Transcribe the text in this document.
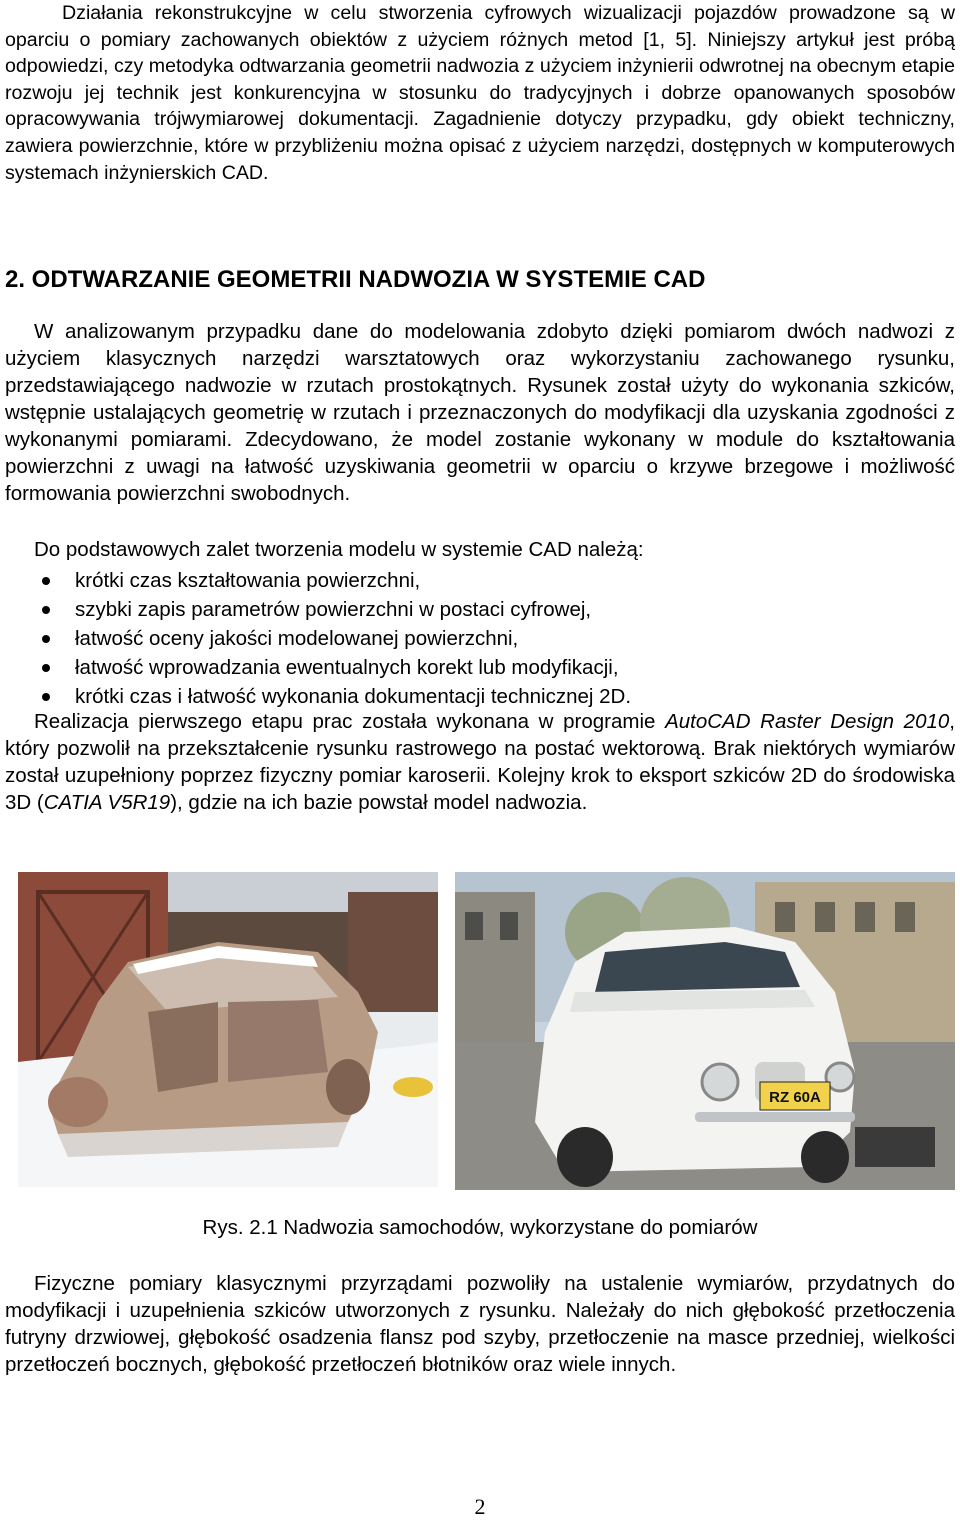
Działania rekonstrukcyjne w celu stworzenia cyfrowych wizualizacji pojazdów prowadzone są w oparciu o pomiary zachowanych obiektów z użyciem różnych metod [1, 5]. Niniejszy artykuł jest próbą odpowiedzi, czy metodyka odtwarzania geometrii nadwozia z użyciem inżynierii odwrotnej na obecnym etapie rozwoju jej technik jest konkurencyjna w stosunku do tradycyjnych i dobrze opanowanych sposobów opracowywania trójwymiarowej dokumentacji. Zagadnienie dotyczy przypadku, gdy obiekt techniczny, zawiera powierzchnie, które w przybliżeniu można opisać z użyciem narzędzi, dostępnych w komputerowych systemach inżynierskich CAD.

2. ODTWARZANIE GEOMETRII NADWOZIA W SYSTEMIE CAD

W analizowanym przypadku dane do modelowania zdobyto dzięki pomiarom dwóch nadwozi z użyciem klasycznych narzędzi warsztatowych oraz wykorzystaniu zachowanego rysunku, przedstawiającego nadwozie w rzutach prostokątnych. Rysunek został użyty do wykonania szkiców, wstępnie ustalających geometrię w rzutach i przeznaczonych do modyfikacji dla uzyskania zgodności z wykonanymi pomiarami. Zdecydowano, że model zostanie wykonany w module do kształtowania powierzchni z uwagi na łatwość uzyskiwania geometrii w oparciu o krzywe brzegowe i możliwość formowania powierzchni swobodnych.

Do podstawowych zalet tworzenia modelu w systemie CAD należą:

krótki czas kształtowania powierzchni,
szybki zapis parametrów powierzchni w postaci cyfrowej,
łatwość oceny jakości modelowanej powierzchni,
łatwość wprowadzania ewentualnych korekt lub modyfikacji,
krótki czas i łatwość wykonania dokumentacji technicznej 2D.

Realizacja pierwszego etapu prac została wykonana w programie AutoCAD Raster Design 2010, który pozwolił na przekształcenie rysunku rastrowego na postać wektorową. Brak niektórych wymiarów został uzupełniony poprzez fizyczny pomiar karoserii. Kolejny krok to eksport szkiców 2D do środowiska 3D (CATIA V5R19), gdzie na ich bazie powstał model nadwozia.

RZ 60A
Rys. 2.1 Nadwozia samochodów, wykorzystane do pomiarów

Fizyczne pomiary klasycznymi przyrządami pozwoliły na ustalenie wymiarów, przydatnych do modyfikacji i uzupełnienia szkiców utworzonych z rysunku. Należały do nich głębokość przetłoczenia futryny drzwiowej, głębokość osadzenia flansz pod szyby, przetłoczenie na masce przedniej, wielkości przetłoczeń bocznych, głębokość przetłoczeń błotników oraz wiele innych.

2
